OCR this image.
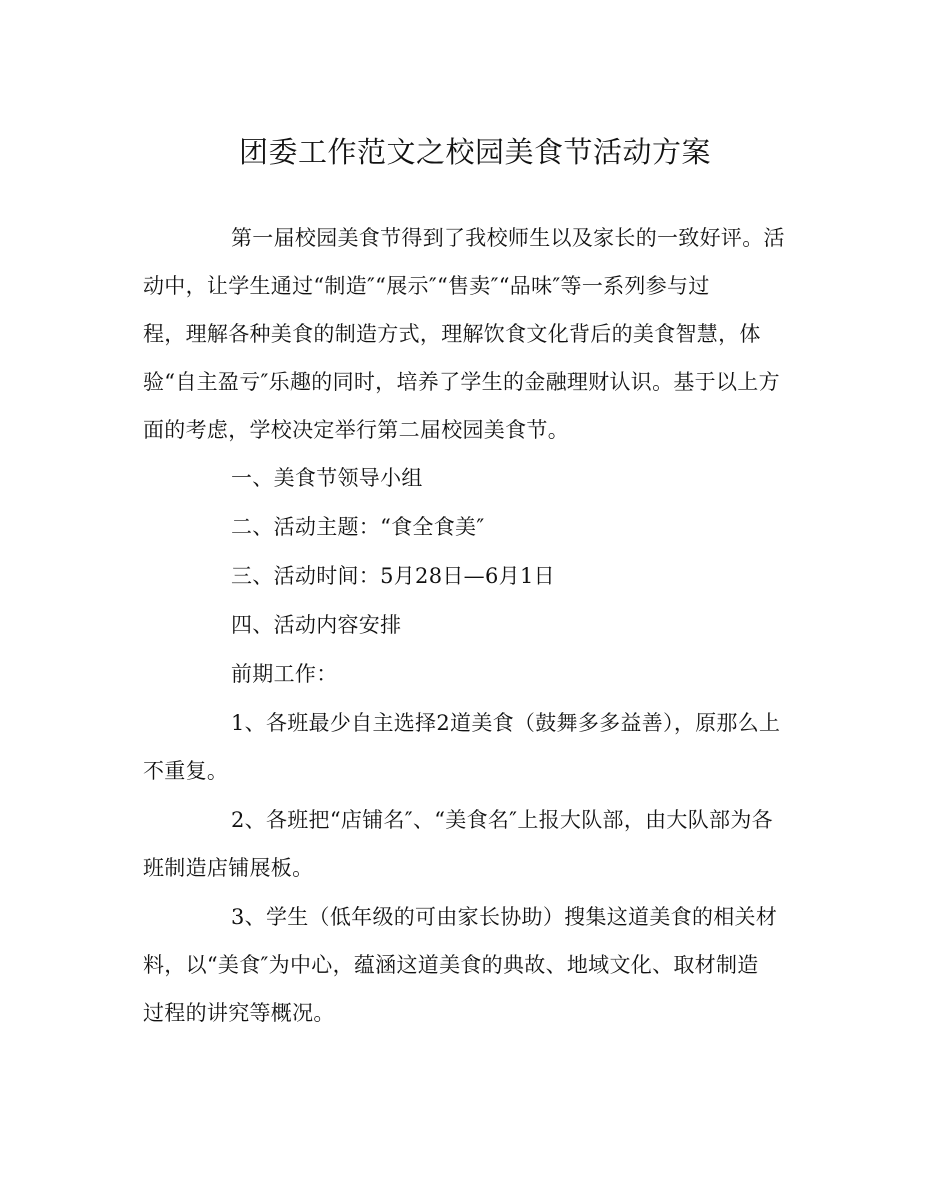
团委工作范文之校园美食节活动方案
第一届校园美食节得到了我校师生以及家长的一致好评。活
动中，让学生通过“制造″“展示″“售卖″“品味″等一系列参与过
程，理解各种美食的制造方式，理解饮食文化背后的美食智慧，体
验“自主盈亏″乐趣的同时，培养了学生的金融理财认识。基于以上方
面的考虑，学校决定举行第二届校园美食节。
一、美食节领导小组
二、活动主题：“食全食美″
三、活动时间：5月28日—6月1日
四、活动内容安排
前期工作：
1、各班最少自主选择2道美食（鼓舞多多益善），原那么上
不重复。
2、各班把“店铺名″、“美食名″上报大队部，由大队部为各
班制造店铺展板。
3、学生（低年级的可由家长协助）搜集这道美食的相关材
料，以“美食″为中心，蕴涵这道美食的典故、地域文化、取材制造
过程的讲究等概况。
